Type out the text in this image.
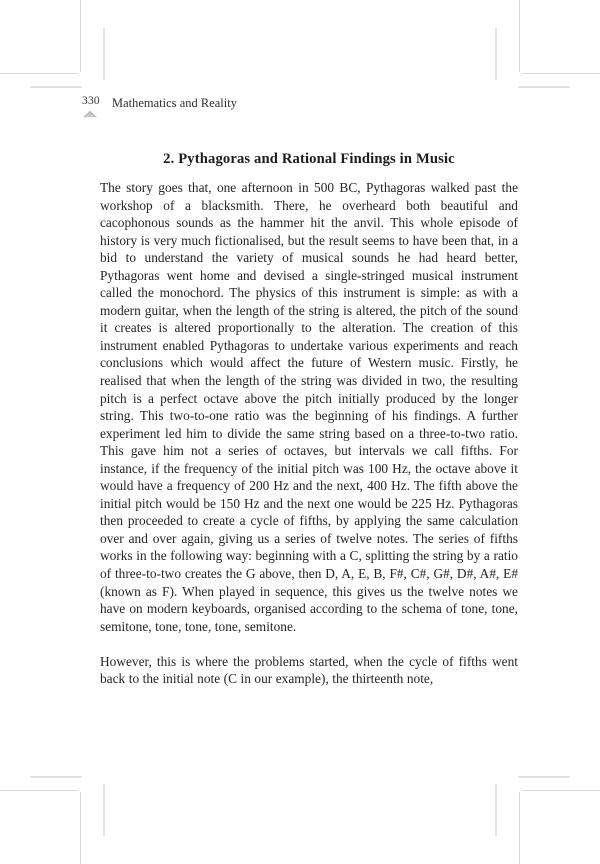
330 Mathematics and Reality
2. Pythagoras and Rational Findings in Music

The story goes that, one afternoon in 500 BC, Pythagoras walked past the workshop of a blacksmith. There, he overheard both beautiful and cacophonous sounds as the hammer hit the anvil. This whole episode of history is very much fictionalised, but the result seems to have been that, in a bid to understand the variety of musical sounds he had heard better, Pythagoras went home and devised a single-stringed musical instrument called the monochord. The physics of this instrument is simple: as with a modern guitar, when the length of the string is altered, the pitch of the sound it creates is altered proportionally to the alteration. The creation of this instrument enabled Pythagoras to undertake various experiments and reach conclusions which would affect the future of Western music. Firstly, he realised that when the length of the string was divided in two, the resulting pitch is a perfect octave above the pitch initially produced by the longer string. This two-to-one ratio was the beginning of his findings. A further experiment led him to divide the same string based on a three-to-two ratio. This gave him not a series of octaves, but intervals we call fifths. For instance, if the frequency of the initial pitch was 100 Hz, the octave above it would have a frequency of 200 Hz and the next, 400 Hz. The fifth above the initial pitch would be 150 Hz and the next one would be 225 Hz. Pythagoras then proceeded to create a cycle of fifths, by applying the same calculation over and over again, giving us a series of twelve notes. The series of fifths works in the following way: beginning with a C, splitting the string by a ratio of three-to-two creates the G above, then D, A, E, B, F#, C#, G#, D#, A#, E# (known as F). When played in sequence, this gives us the twelve notes we have on modern keyboards, organised according to the schema of tone, tone, semitone, tone, tone, tone, semitone.

However, this is where the problems started, when the cycle of fifths went back to the initial note (C in our example), the thirteenth note,
